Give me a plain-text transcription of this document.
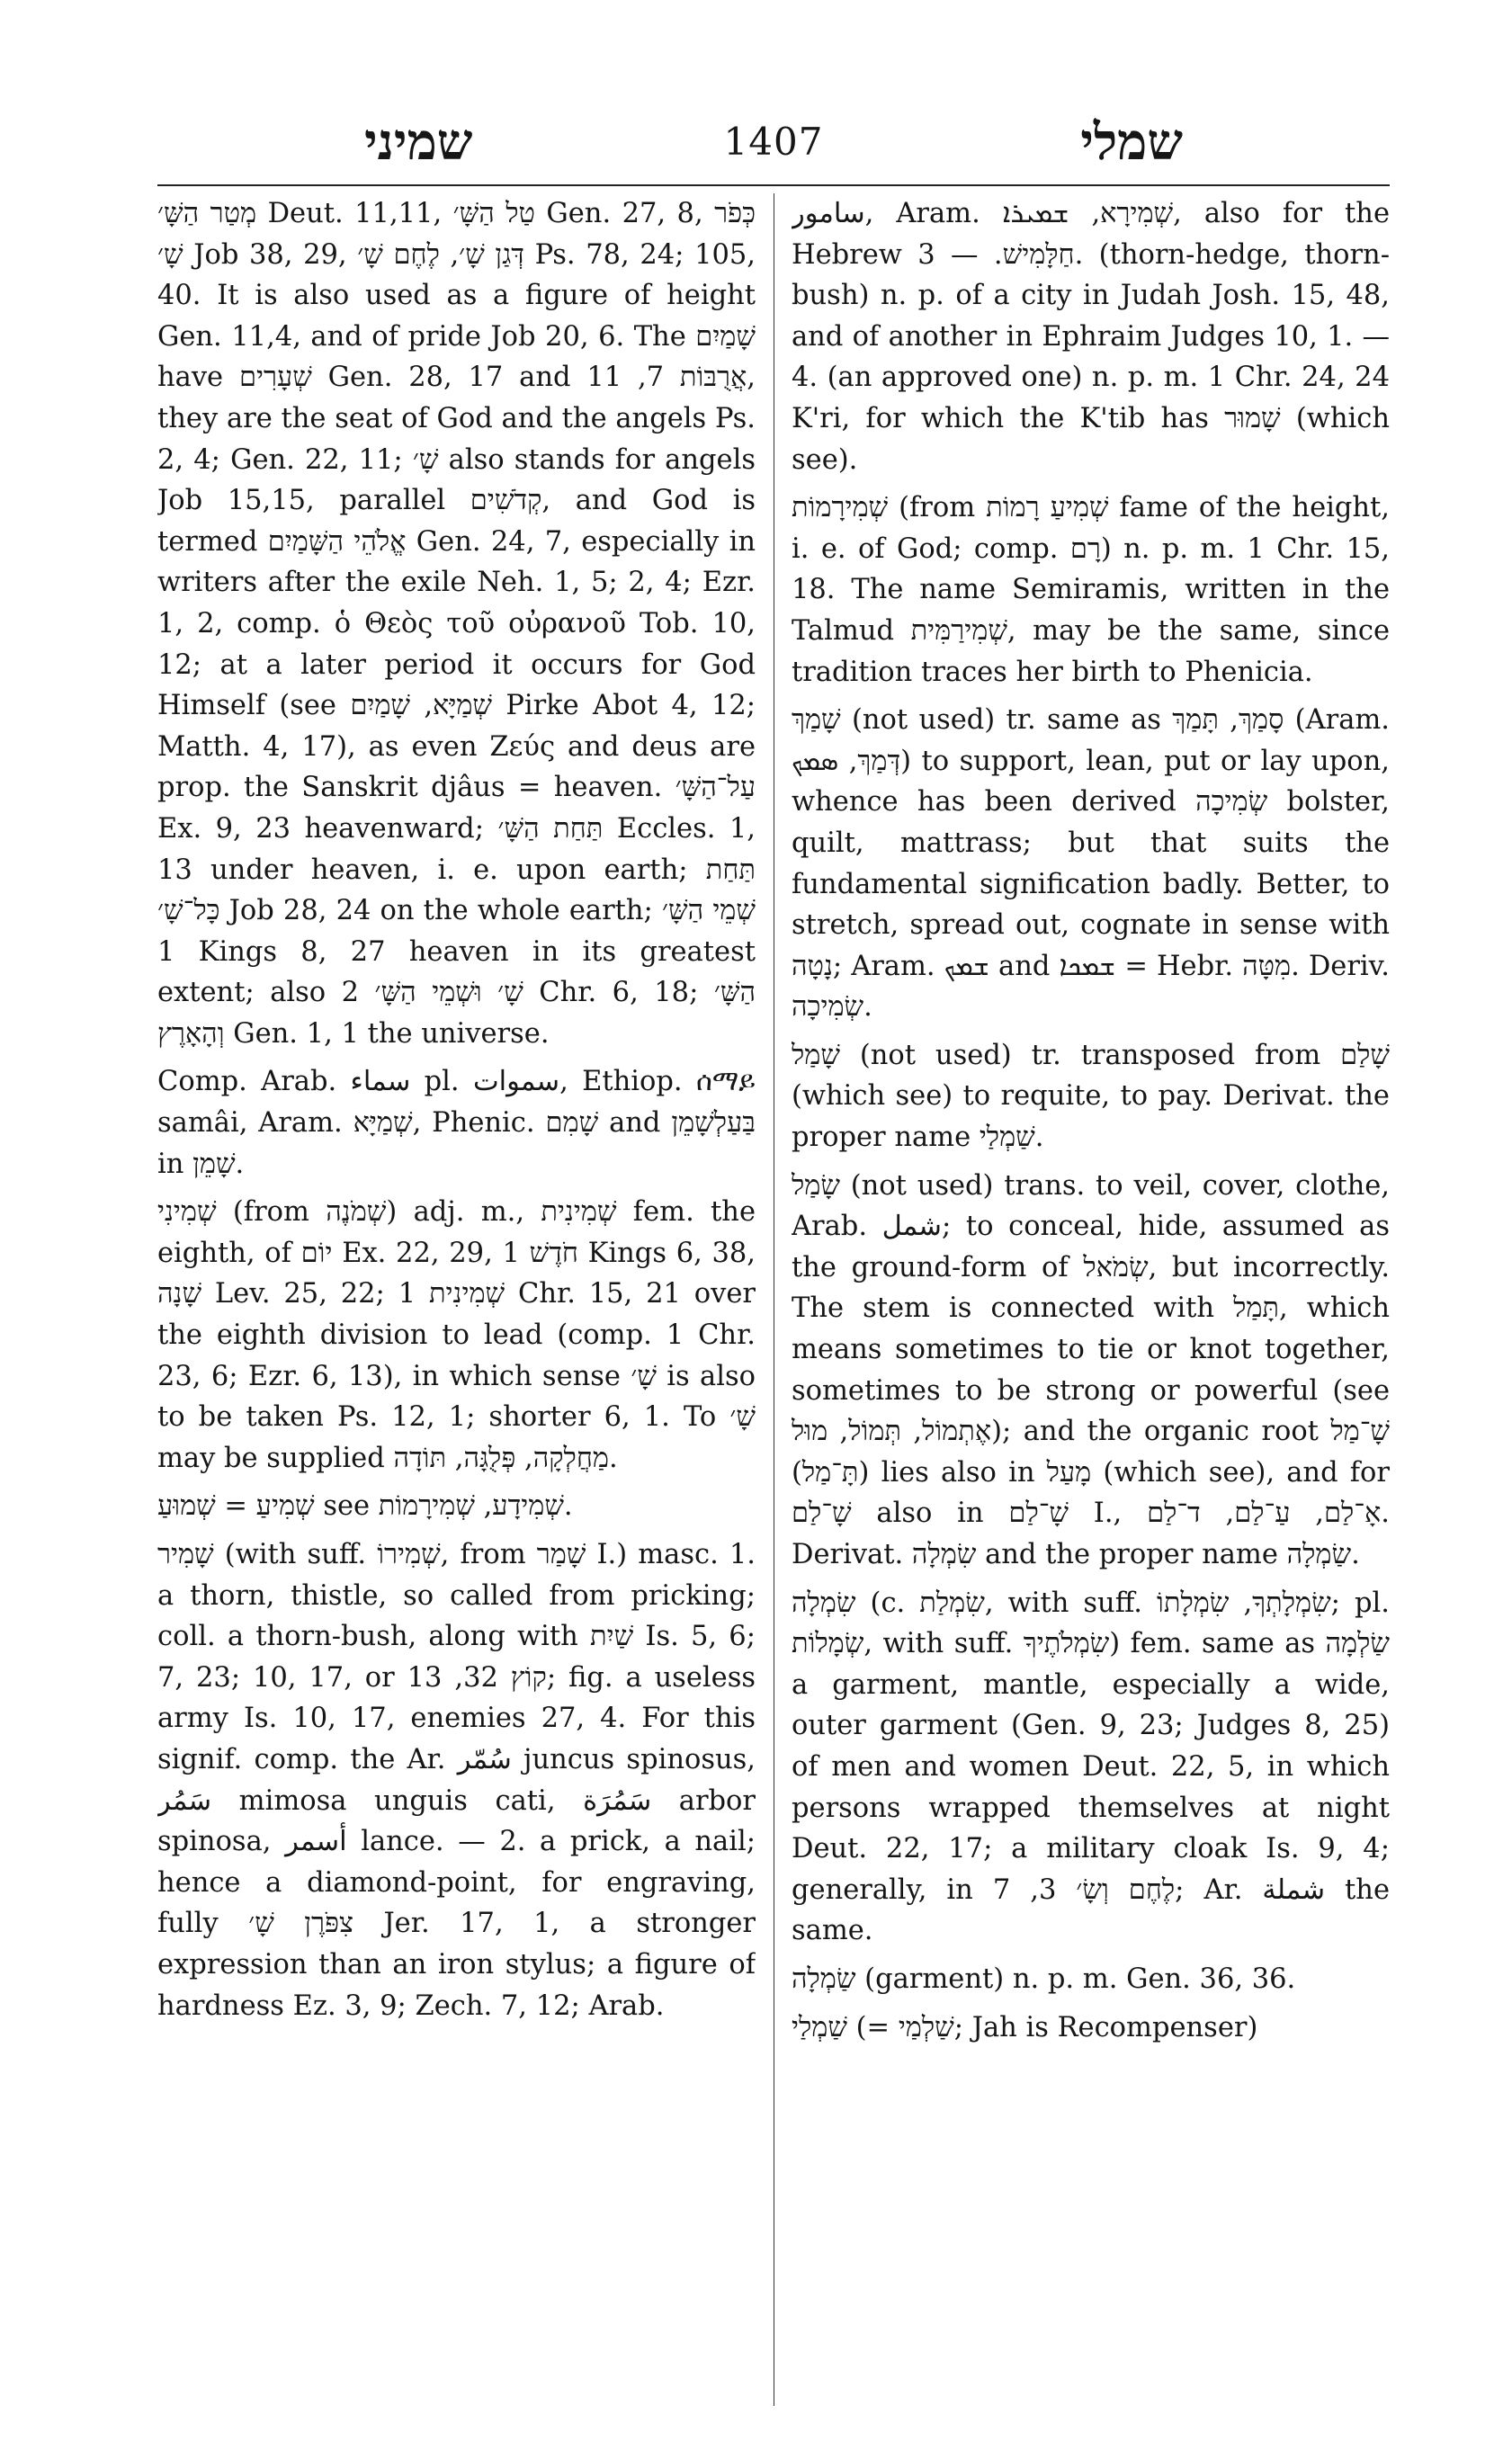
שמיני	1407	שמלי

מְטַר הַשָּׁ׳ Deut. 11,11, טַל הַשָּׁ׳ Gen. 27, 8, כְּפֹר שָׁ׳ Job 38, 29, דְּגַן שָׁ׳, לֶחֶם שָׁ׳ Ps. 78, 24; 105, 40. It is also used as a figure of height Gen. 11,4, and of pride Job 20, 6. The שָׁמַיִם have שְׁעָרִים Gen. 28, 17 and אֲרֻבּוֹת 7, 11, they are the seat of God and the angels Ps. 2, 4; Gen. 22, 11; שָׁ׳ also stands for angels Job 15,15, parallel קְדֹשִׁים, and God is termed אֱלֹהֵי הַשָּׁמַיִם Gen. 24, 7, especially in writers after the exile Neh. 1, 5; 2, 4; Ezr. 1, 2, comp. ὁ Θεὸς τοῦ οὐρανοῦ Tob. 10, 12; at a later period it occurs for God Himself (see שְׁמַיָּא, שָׁמַיִם Pirke Abot 4, 12; Matth. 4, 17), as even Ζεύς and deus are prop. the Sanskrit djâus = heaven. עַל־הַשָּׁ׳ Ex. 9, 23 heavenward; תַּחַת הַשָּׁ׳ Eccles. 1, 13 under heaven, i. e. upon earth; תַּחַת כָּל־שָׁ׳ Job 28, 24 on the whole earth; שְׁמֵי הַשָּׁ׳ 1 Kings 8, 27 heaven in its greatest extent; also שָׁ׳ וּשְׁמֵי הַשָּׁ׳ 2 Chr. 6, 18; הַשָּׁ׳ וְהָאָרֶץ Gen. 1, 1 the universe.

Comp. Arab. سماء pl. سموات, Ethiop. ሰማይ samâi, Aram. שְׁמַיָּא, Phenic. שָׁמִם and בַּעַלְשָׁמֵן in שָׁמֵן.

שְׁמִינִי (from שְׁמֹנֶה) adj. m., שְׁמִינִית fem. the eighth, of יוֹם Ex. 22, 29, חֹדֶשׁ 1 Kings 6, 38, שָׁנָה Lev. 25, 22; שְׁמִינִית 1 Chr. 15, 21 over the eighth division to lead (comp. 1 Chr. 23, 6; Ezr. 6, 13), in which sense שָׁ׳ is also to be taken Ps. 12, 1; shorter 6, 1. To שָׁ׳ may be supplied מַחֲלְקָה, פְּלֻגָּה, תּוֹדָה.

שְׁמִיעַ = שְׁמוּעַ see שְׁמִידָע, שְׁמִירָמוֹת.

שָׁמִיר (with suff. שְׁמִירוֹ, from שָׁמַר I.) masc. 1. a thorn, thistle, so called from pricking; coll. a thorn-bush, along with שַׁיִת Is. 5, 6; 7, 23; 10, 17, or קוֹץ 32, 13; fig. a useless army Is. 10, 17, enemies 27, 4. For this signif. comp. the Ar. سُمّر juncus spinosus, سَمُر mimosa unguis cati, سَمُرَة arbor spinosa, أسمر lance. — 2. a prick, a nail; hence a diamond-point, for engraving, fully צִפֹּרֶן שָׁ׳ Jer. 17, 1, a stronger expression than an iron stylus; a figure of hardness Ez. 3, 9; Zech. 7, 12; Arab.

سامور, Aram. שְׁמִירָא, ܫܡܝܪܐ, also for the Hebrew חַלָּמִישׁ. — 3. (thorn-hedge, thorn-bush) n. p. of a city in Judah Josh. 15, 48, and of another in Ephraim Judges 10, 1. — 4. (an approved one) n. p. m. 1 Chr. 24, 24 K'ri, for which the K'tib has שָׁמוּר (which see).

שְׁמִירָמוֹת (from שְׁמִיעַ רָמוֹת fame of the height, i. e. of God; comp. רָם) n. p. m. 1 Chr. 15, 18. The name Semiramis, written in the Talmud שְׁמִירַמִּית, may be the same, since tradition traces her birth to Phenicia.

שָׁמַךְ (not used) tr. same as סָמַךְ, תָּמַךְ (Aram. דְּמַךְ, ܣܡܟ) to support, lean, put or lay upon, whence has been derived שְׂמִיכָה bolster, quilt, mattrass; but that suits the fundamental signification badly. Better, to stretch, spread out, cognate in sense with נָטָה; Aram. ܫܡܟ and ܫܡܟܐ = Hebr. מִטָּה. Deriv. שְׂמִיכָה.

שָׁמַל (not used) tr. transposed from שָׁלַם (which see) to requite, to pay. Derivat. the proper name שַׁמְלַי.

שָׂמַל (not used) trans. to veil, cover, clothe, Arab. شمل; to conceal, hide, assumed as the ground-form of שְׂמֹאל, but incorrectly. The stem is connected with תָּמַל, which means sometimes to tie or knot together, sometimes to be strong or powerful (see אֶתְמוֹל, תְּמוֹל, מוּל); and the organic root שָׁ־מַל (תָּ־מַל) lies also in מָעַל (which see), and for שָׁ־לַם also in שָׁ־לַם I., אָ־לַם, עַ־לַם, ד־לַם. Derivat. שִׂמְלָה and the proper name שַׂמְלָה.

שִׂמְלָה (c. שִׂמְלַת, with suff. שִׂמְלָתְךָ, שִׂמְלָתוֹ; pl. שְׂמָלוֹת, with suff. שִׂמְלֹתֶיךָ) fem. same as שַׂלְמָה a garment, mantle, especially a wide, outer garment (Gen. 9, 23; Judges 8, 25) of men and women Deut. 22, 5, in which persons wrapped themselves at night Deut. 22, 17; a military cloak Is. 9, 4; generally, in לֶחֶם וְשָׂ׳ 3, 7; Ar. شملة the same.

שַׂמְלָה (garment) n. p. m. Gen. 36, 36.

שַׁמְלַי (= שַׁלְמַי; Jah is Recompenser)
